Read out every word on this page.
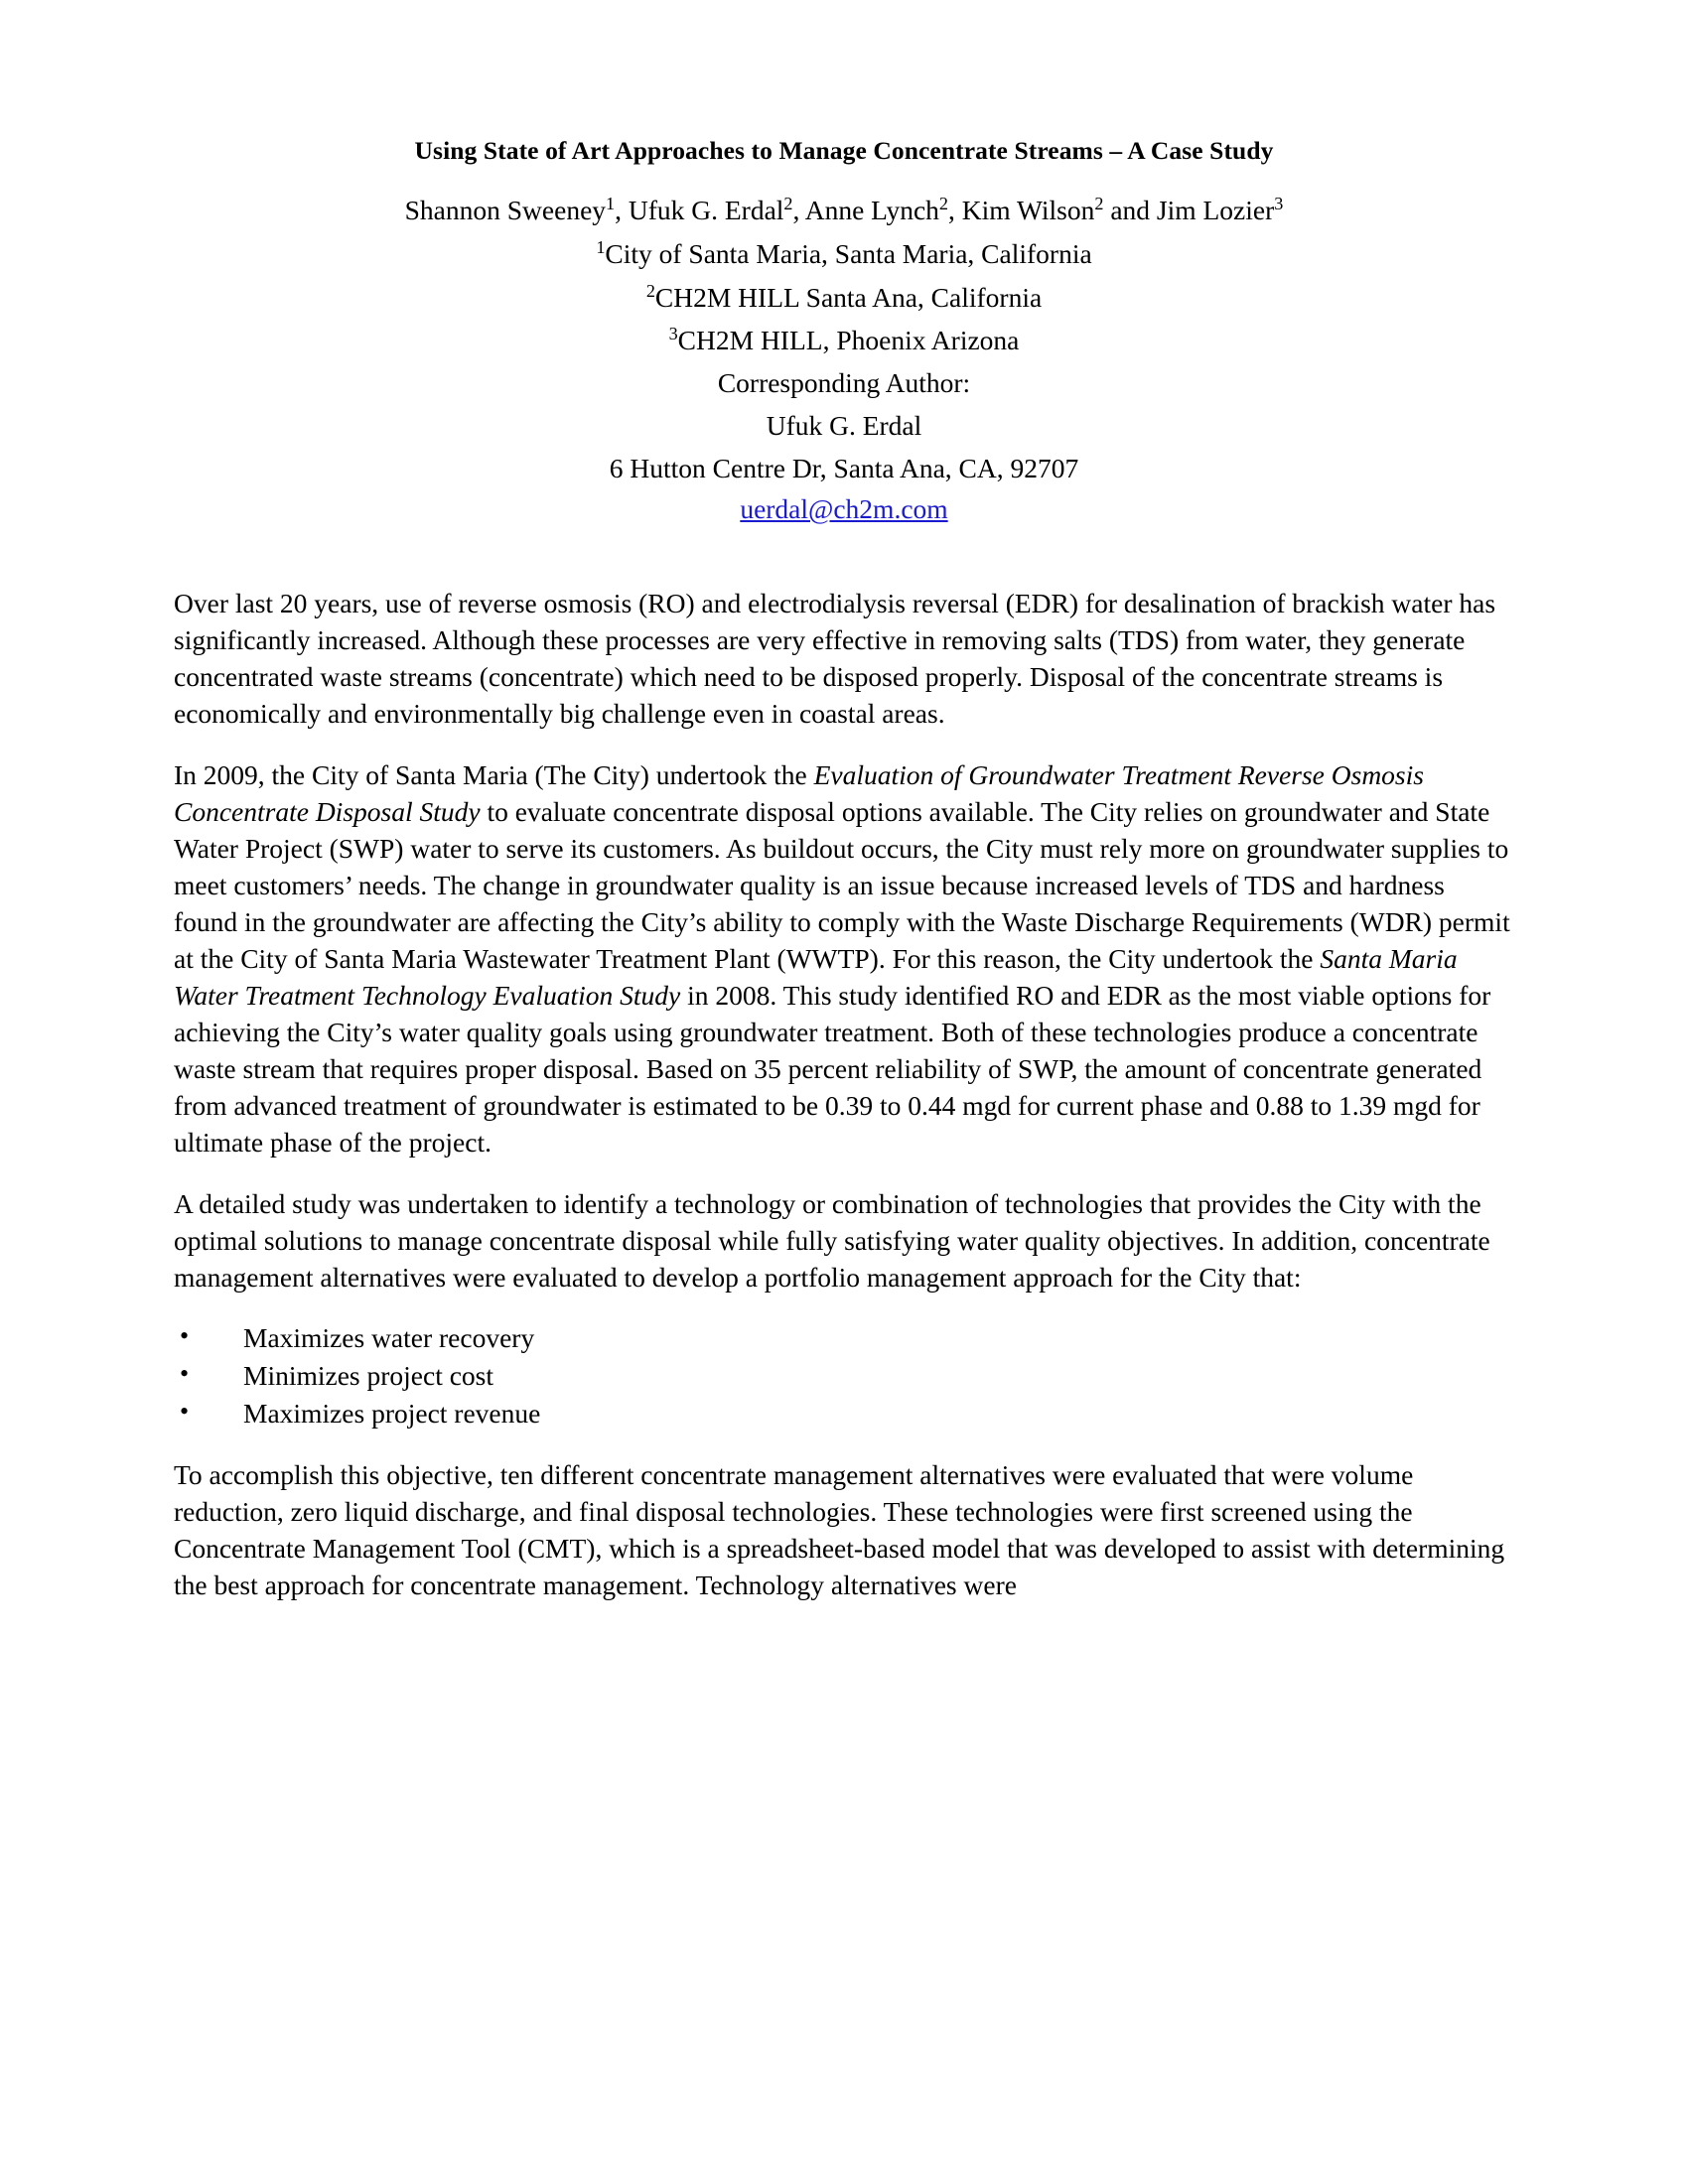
Using State of Art Approaches to Manage Concentrate Streams – A Case Study
Shannon Sweeney$^1$, Ufuk G. Erdal$^2$, Anne Lynch$^2$, Kim Wilson$^2$ and Jim Lozier$^3$
$^1$City of Santa Maria, Santa Maria, California
$^2$CH2M HILL Santa Ana, California
$^3$CH2M HILL, Phoenix Arizona
Corresponding Author:
Ufuk G. Erdal
6 Hutton Centre Dr, Santa Ana, CA, 92707
uerdal@ch2m.com

Over last 20 years, use of reverse osmosis (RO) and electrodialysis reversal (EDR) for desalination of brackish water has significantly increased. Although these processes are very effective in removing salts (TDS) from water, they generate concentrated waste streams (concentrate) which need to be disposed properly. Disposal of the concentrate streams is economically and environmentally big challenge even in coastal areas.

In 2009, the City of Santa Maria (The City) undertook the Evaluation of Groundwater Treatment Reverse Osmosis Concentrate Disposal Study to evaluate concentrate disposal options available. The City relies on groundwater and State Water Project (SWP) water to serve its customers. As buildout occurs, the City must rely more on groundwater supplies to meet customers’ needs. The change in groundwater quality is an issue because increased levels of TDS and hardness found in the groundwater are affecting the City’s ability to comply with the Waste Discharge Requirements (WDR) permit at the City of Santa Maria Wastewater Treatment Plant (WWTP). For this reason, the City undertook the Santa Maria Water Treatment Technology Evaluation Study in 2008. This study identified RO and EDR as the most viable options for achieving the City’s water quality goals using groundwater treatment. Both of these technologies produce a concentrate waste stream that requires proper disposal. Based on 35 percent reliability of SWP, the amount of concentrate generated from advanced treatment of groundwater is estimated to be 0.39 to 0.44 mgd for current phase and 0.88 to 1.39 mgd for ultimate phase of the project.

A detailed study was undertaken to identify a technology or combination of technologies that provides the City with the optimal solutions to manage concentrate disposal while fully satisfying water quality objectives. In addition, concentrate management alternatives were evaluated to develop a portfolio management approach for the City that:

• Maximizes water recovery
• Minimizes project cost
• Maximizes project revenue

To accomplish this objective, ten different concentrate management alternatives were evaluated that were volume reduction, zero liquid discharge, and final disposal technologies. These technologies were first screened using the Concentrate Management Tool (CMT), which is a spreadsheet-based model that was developed to assist with determining the best approach for concentrate management. Technology alternatives were
